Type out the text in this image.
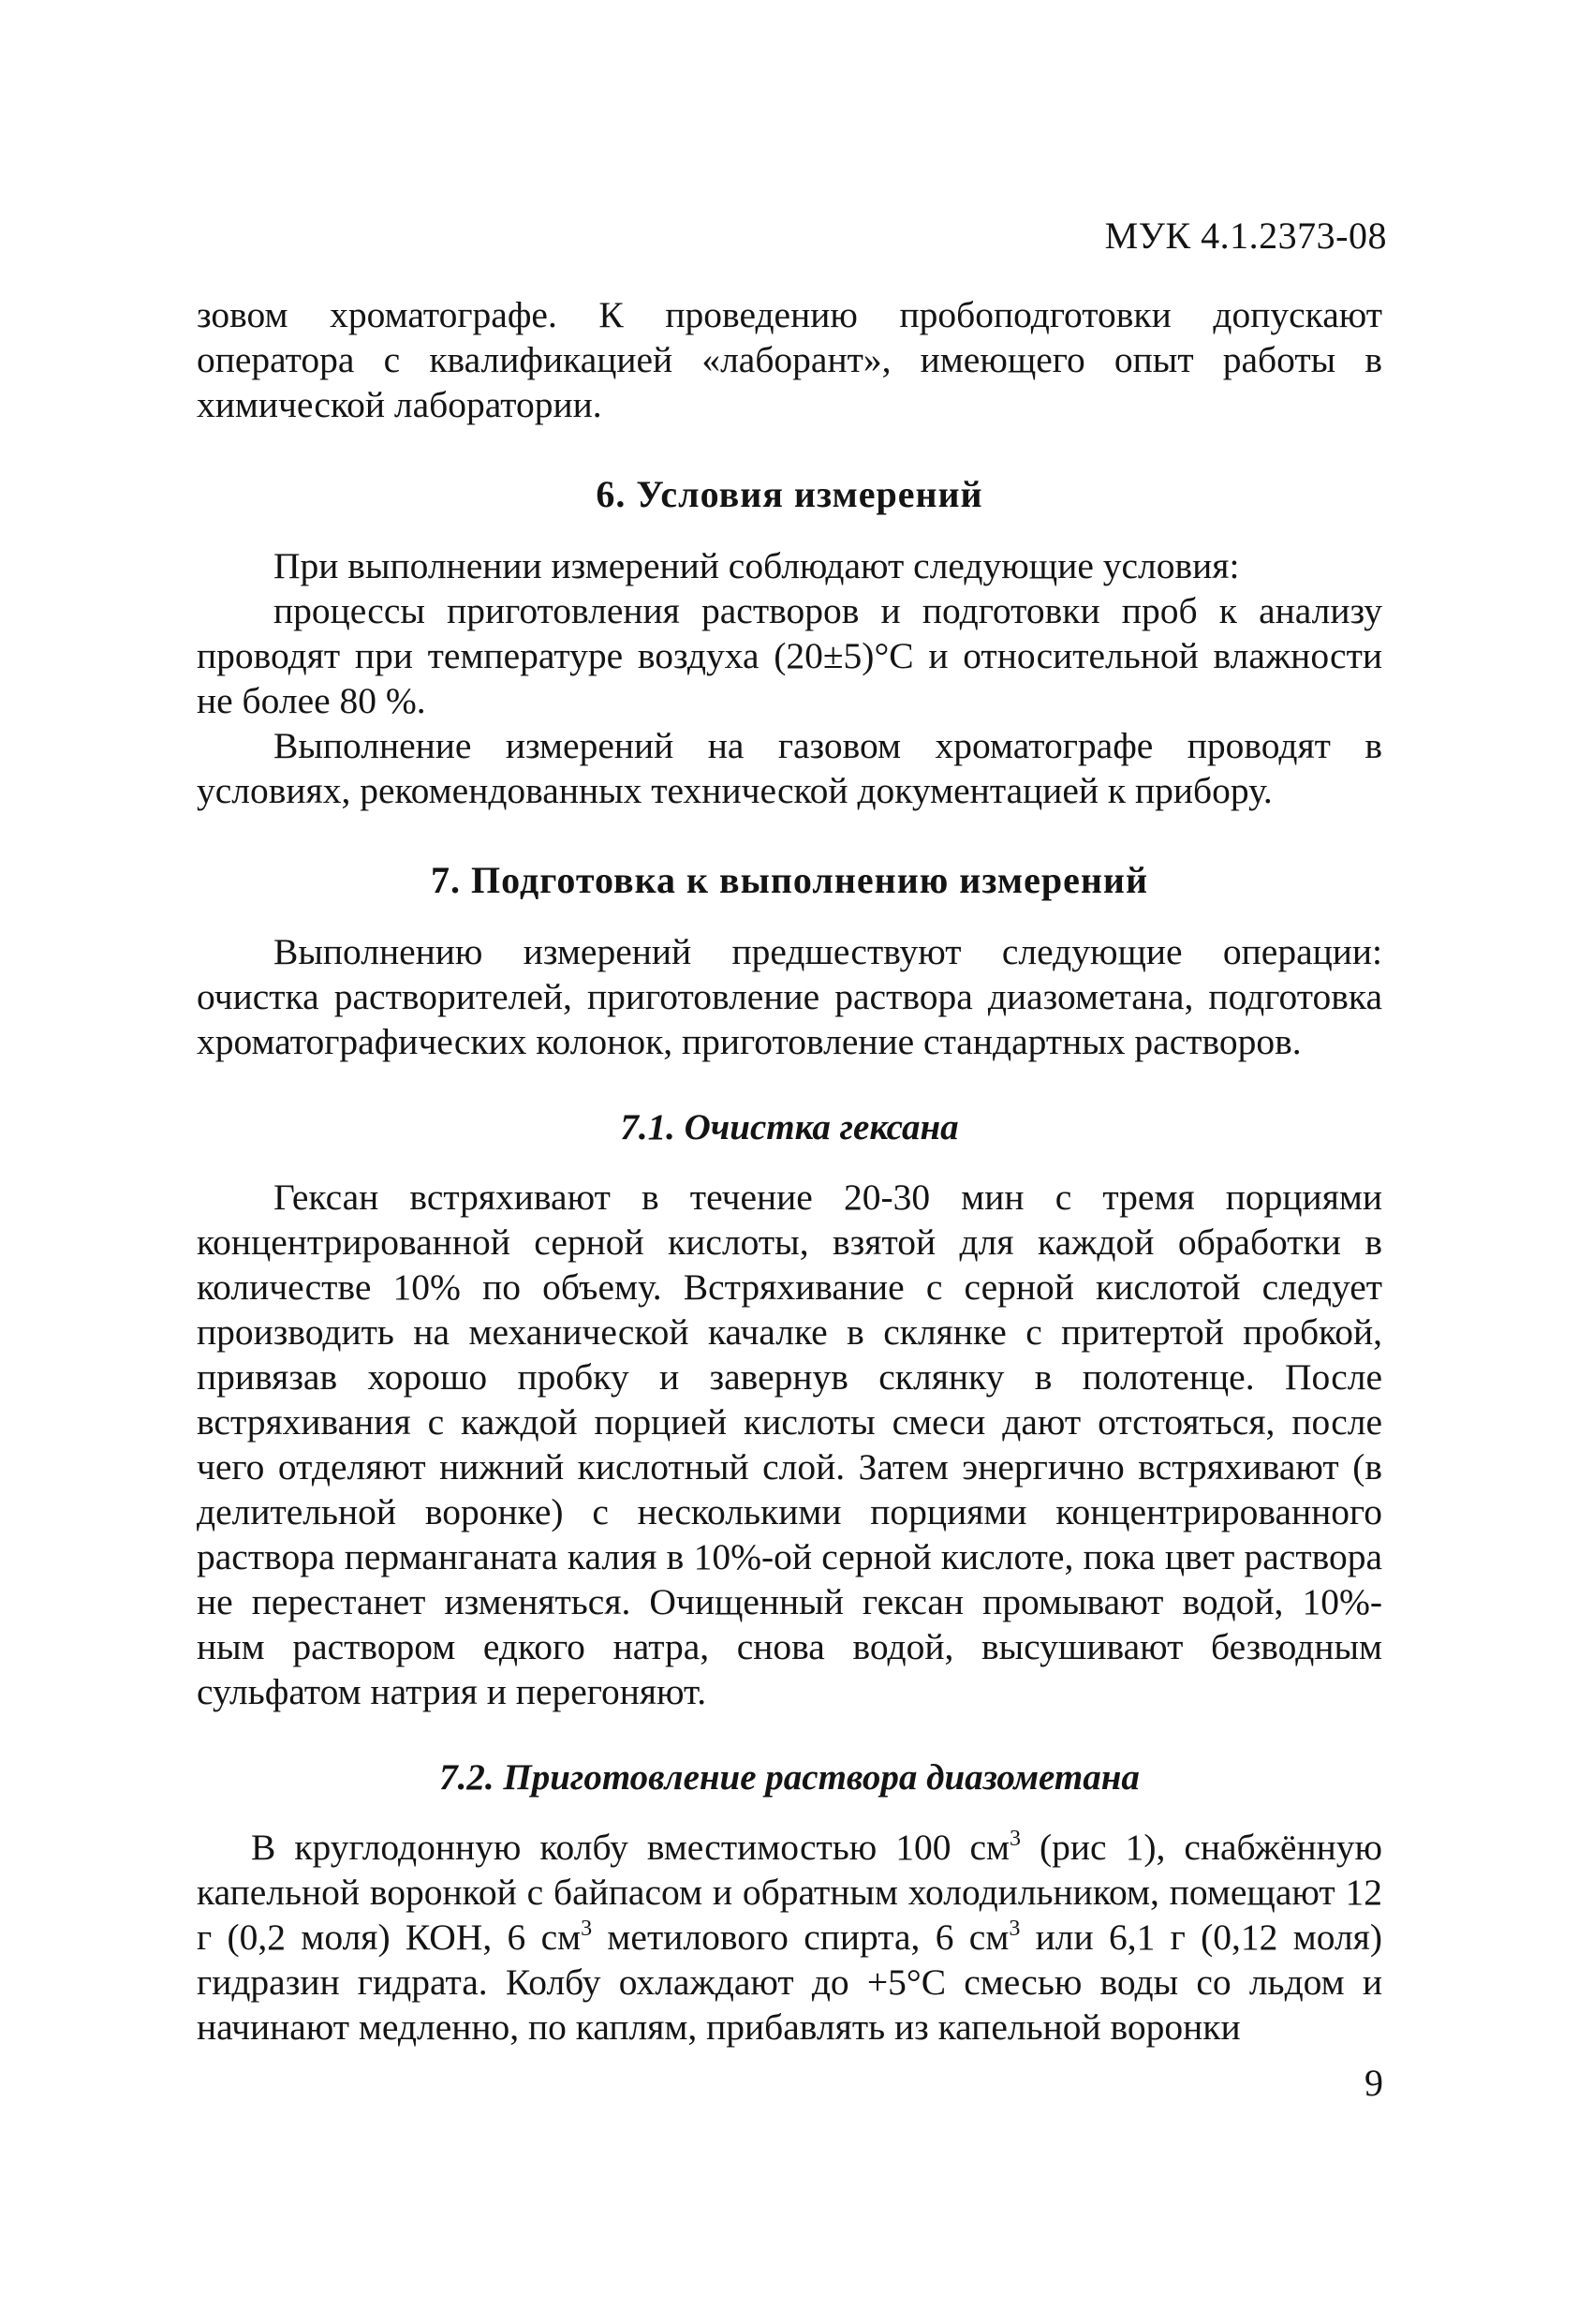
МУК 4.1.2373-08

зовом хроматографе. К проведению пробоподготовки допускают оператора с квалификацией «лаборант», имеющего опыт работы в химической лаборатории.

6. Условия измерений

При выполнении измерений соблюдают следующие условия:

процессы приготовления растворов и подготовки проб к анализу проводят при температуре воздуха (20±5)°С и относительной влажности не более 80 %.

Выполнение измерений на газовом хроматографе проводят в условиях, рекомендованных технической документацией к прибору.

7. Подготовка к выполнению измерений

Выполнению измерений предшествуют следующие операции: очистка растворителей, приготовление раствора диазометана, подготовка хроматографических колонок, приготовление стандартных растворов.

7.1. Очистка гексана

Гексан встряхивают в течение 20-30 мин с тремя порциями концентрированной серной кислоты, взятой для каждой обработки в количестве 10% по объему. Встряхивание с серной кислотой следует производить на механической качалке в склянке с притертой пробкой, привязав хорошо пробку и завернув склянку в полотенце. После встряхивания с каждой порцией кислоты смеси дают отстояться, после чего отделяют нижний кислотный слой. Затем энергично встряхивают (в делительной воронке) с несколькими порциями концентрированного раствора перманганата калия в 10%-ой серной кислоте, пока цвет раствора не перестанет изменяться. Очищенный гексан промывают водой, 10%-ным раствором едкого натра, снова водой, высушивают безводным сульфатом натрия и перегоняют.

7.2. Приготовление раствора диазометана

В круглодонную колбу вместимостью 100 $см^3$ (рис 1), снабжённую капельной воронкой с байпасом и обратным холодильником, помещают 12 г (0,2 моля) КОН, 6 $см^3$ метилового спирта, 6 $см^3$ или 6,1 г (0,12 моля) гидразин гидрата. Колбу охлаждают до +5°С смесью воды со льдом и начинают медленно, по каплям, прибавлять из капельной воронки

9
